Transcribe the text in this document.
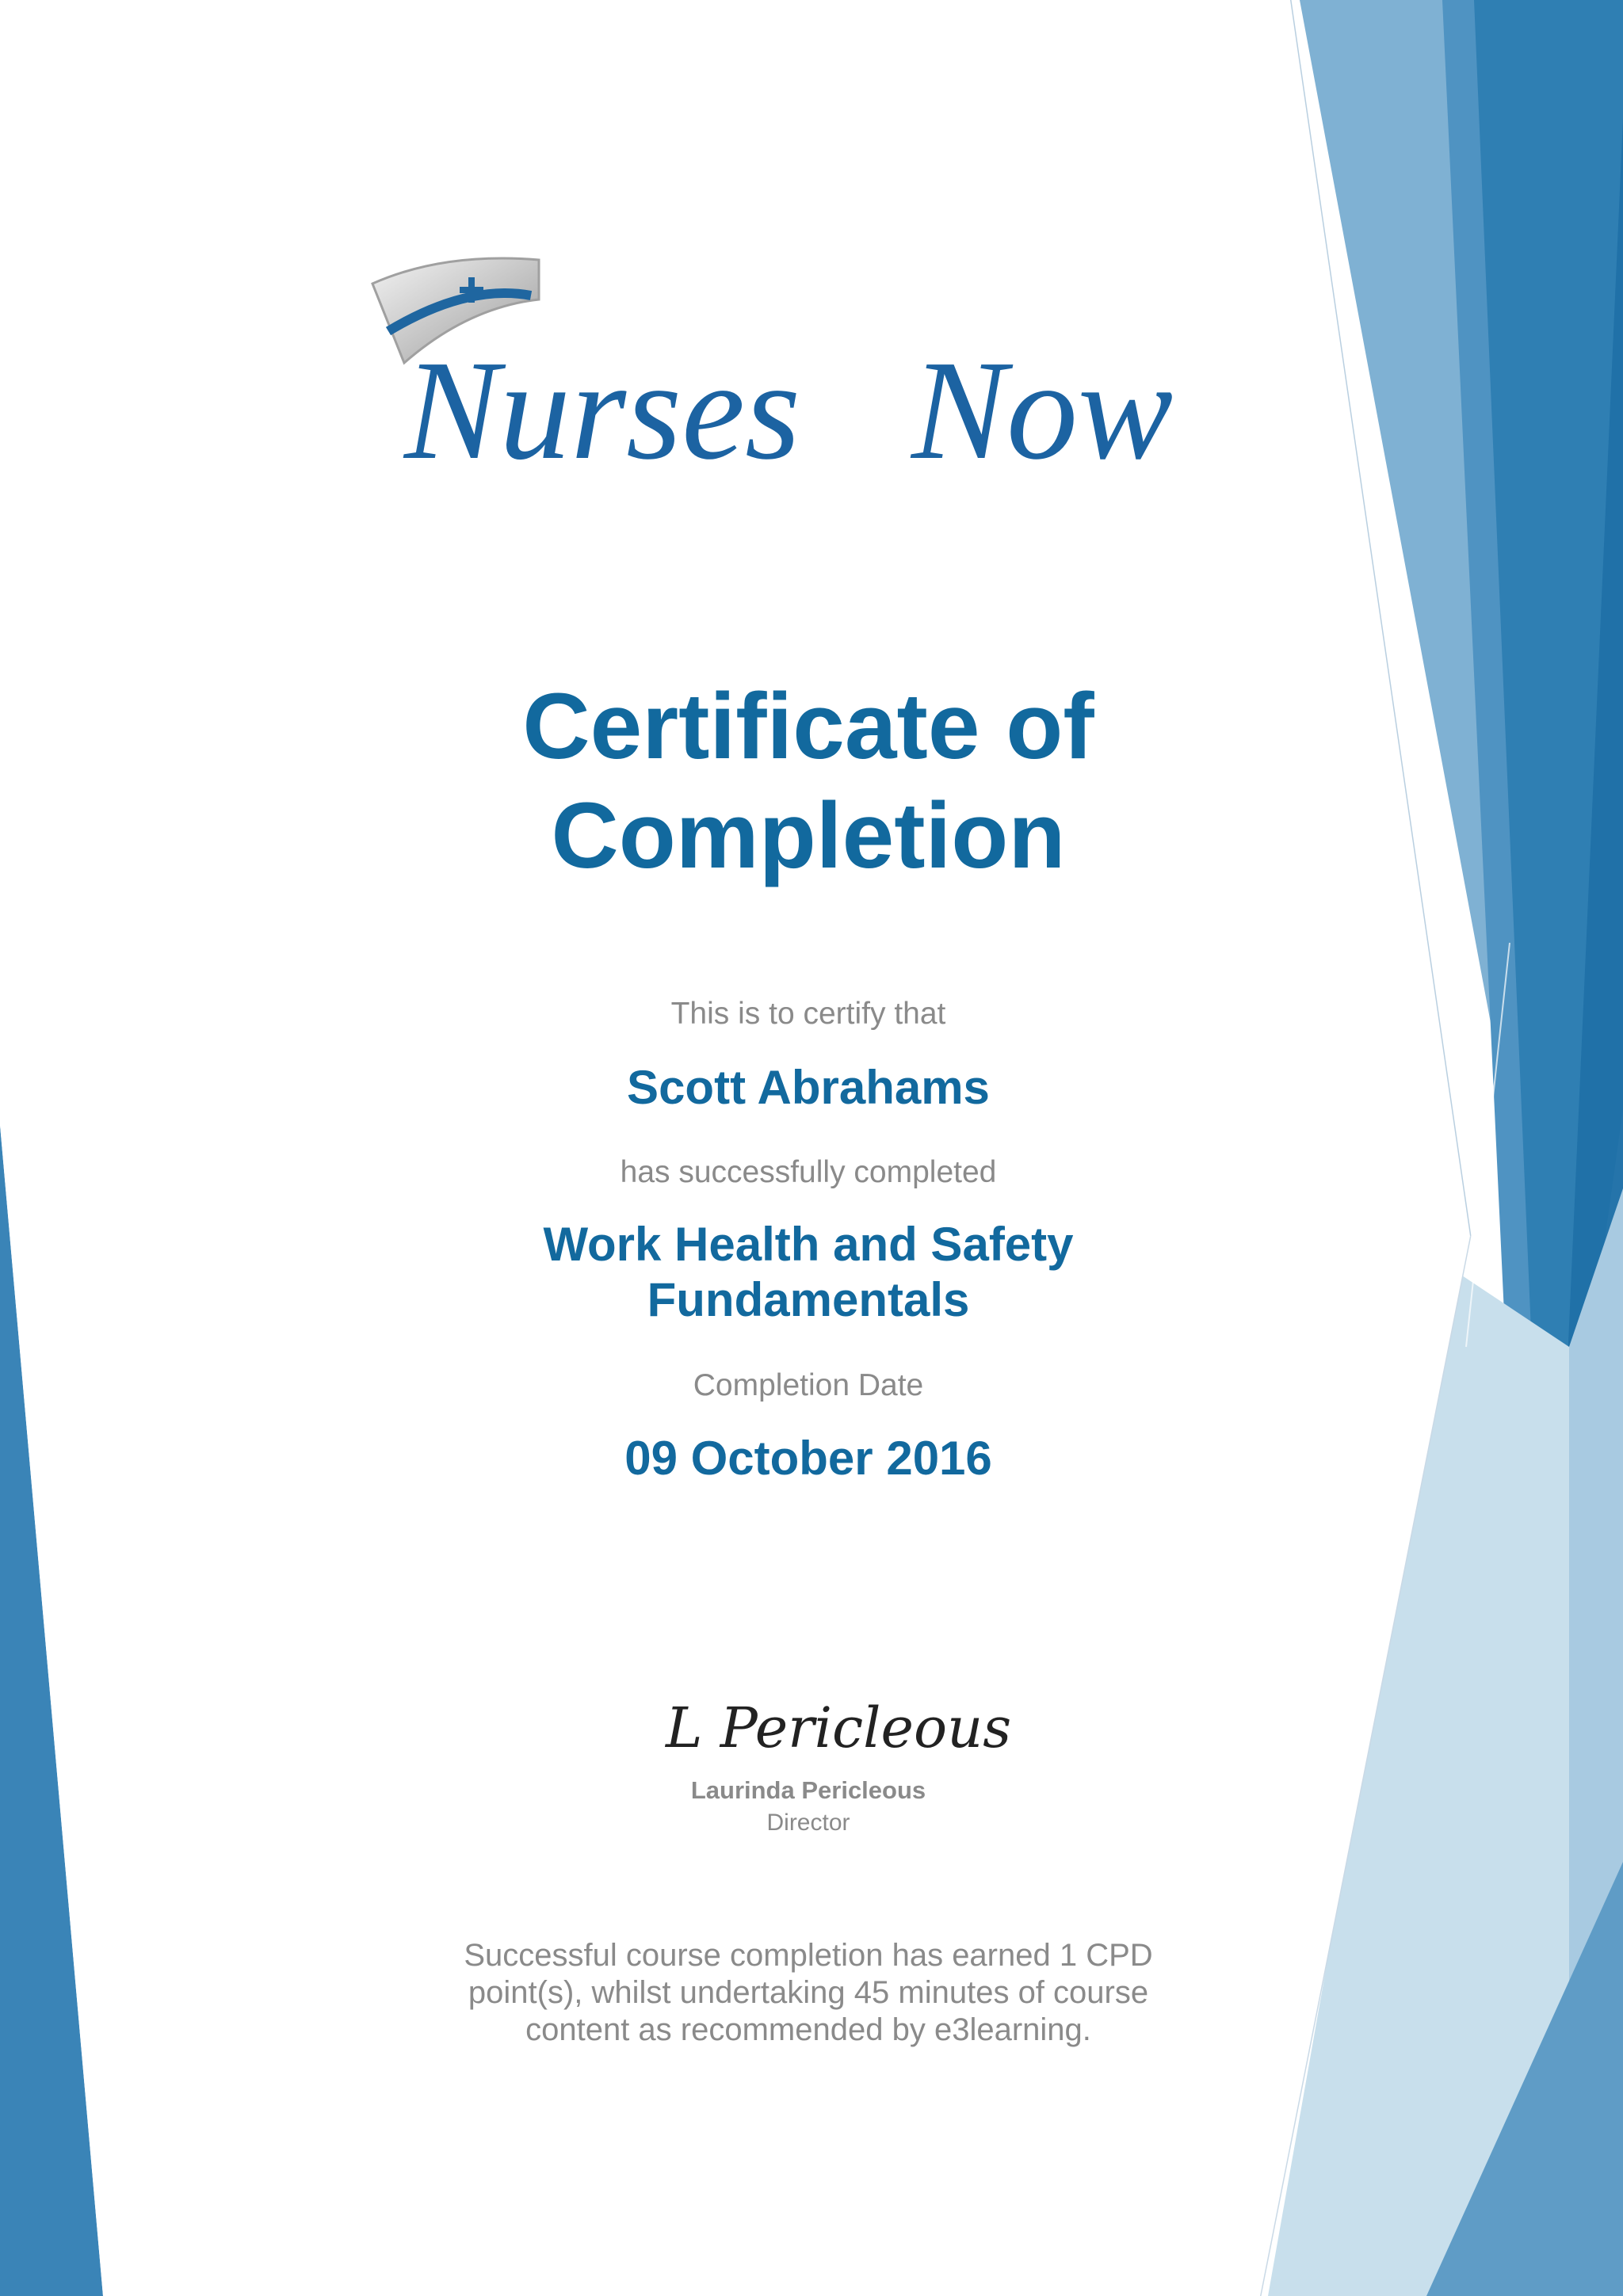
Nurses Now
Certificate of
Completion
This is to certify that
Scott Abrahams
has successfully completed
Work Health and Safety
Fundamentals
Completion Date
09 October 2016
L Pericleous
Laurinda Pericleous
Director
Successful course completion has earned 1 CPD
point(s), whilst undertaking 45 minutes of course
content as recommended by e3learning.
